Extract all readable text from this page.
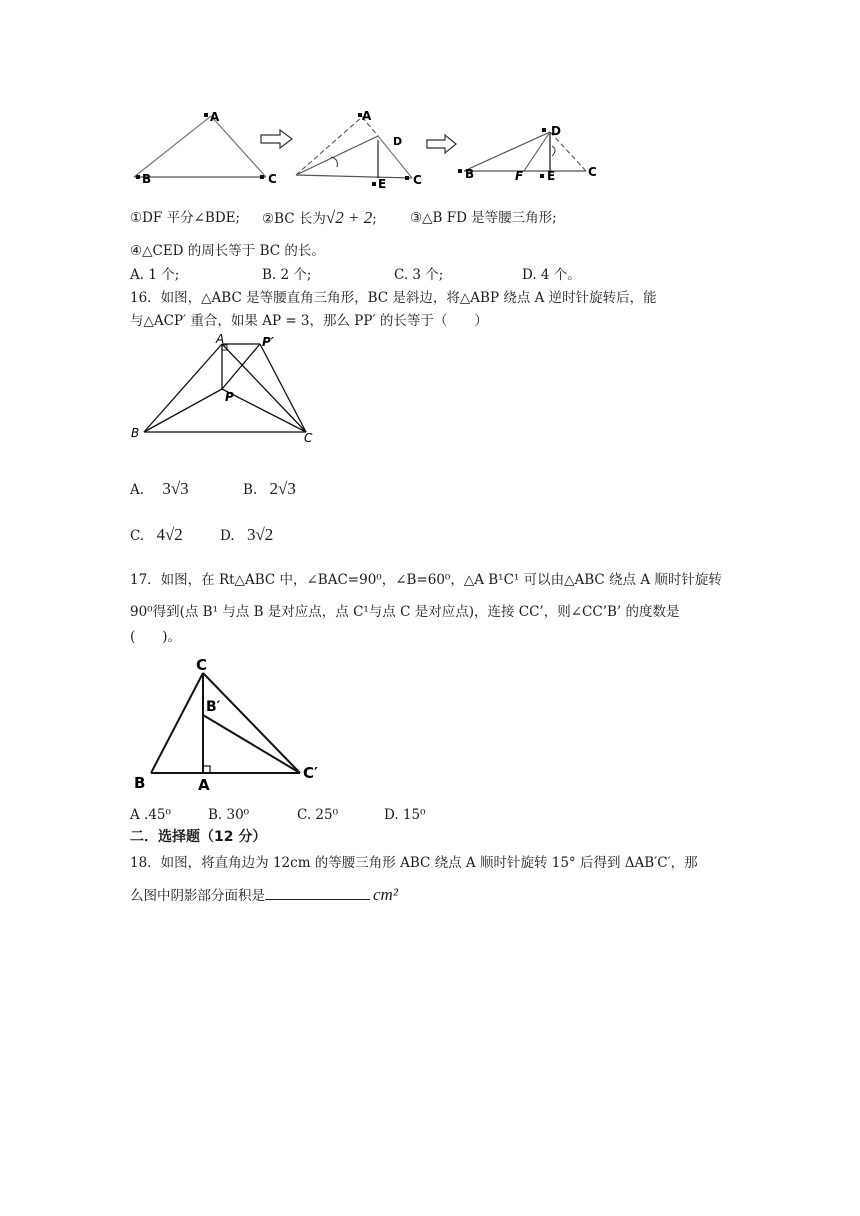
A
B	C
A
D
E C
D
B	F E	C
①DF 平分∠BDE; ②BC 长为√2 + 2; ③△B FD 是等腰三角形;
④△CED 的周长等于 BC 的长。
A. 1 个;	B. 2 个;	C. 3 个;	D. 4 个。
16．如图，△ABC 是等腰直角三角形，BC 是斜边，将△ABP 绕点 A 逆时针旋转后，能
与△ACP′ 重合，如果 AP = 3，那么 PP′ 的长等于（　　）
A	P′
P
B	C
A. 3√3	B. 2√3
C. 4√2	D. 3√2
17．如图，在 Rt△ABC 中，∠BAC=90⁰，∠B=60⁰，△A B¹C¹ 可以由△ABC 绕点 A 顺时针旋转
90⁰得到(点 B¹ 与点 B 是对应点，点 C¹与点 C 是对应点)，连接 CC’，则∠CC’B’ 的度数是
(　　)。
C
B′
B	A
C′
A .45⁰	B. 30⁰	C. 25⁰	D. 15⁰
二．选择题（12 分）
18．如图，将直角边为 12cm 的等腰三角形 ABC 绕点 A 顺时针旋转 15° 后得到 ΔAB′C′，那
么图中阴影部分面积是	cm²
